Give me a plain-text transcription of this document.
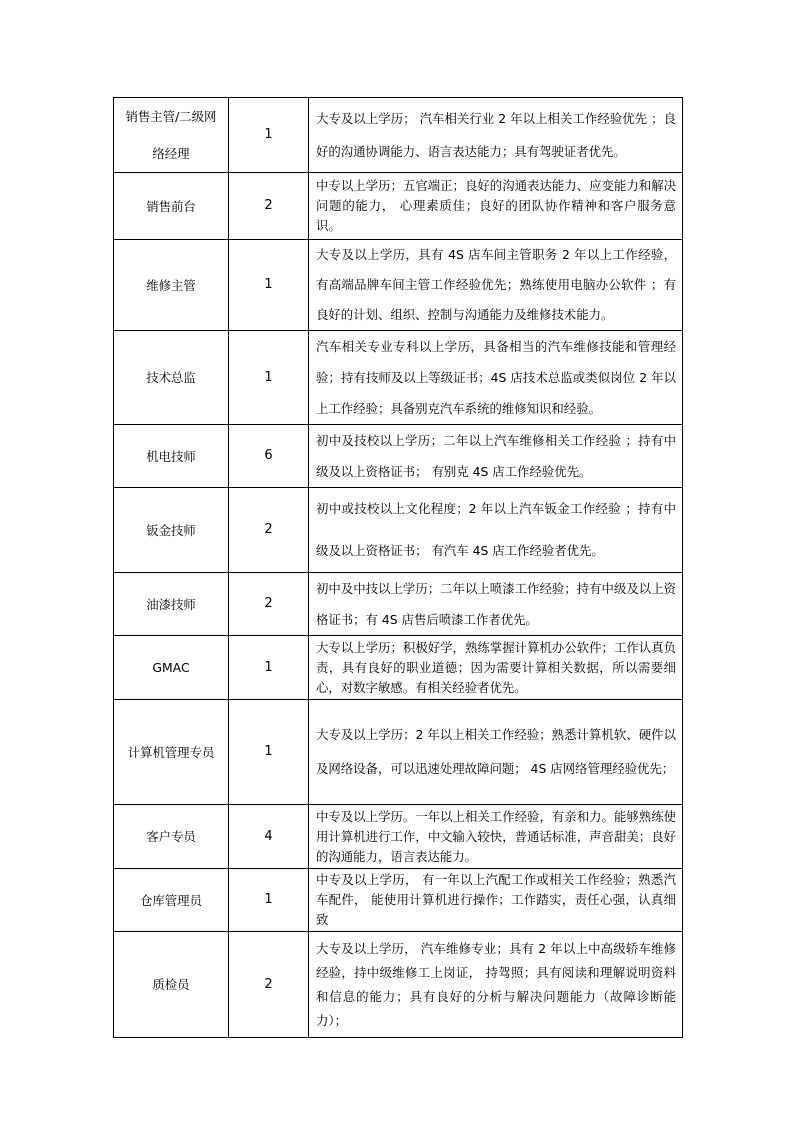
销售主管/二级网络经理	1	大专及以上学历； 汽车相关行业 2 年以上相关工作经验优先 ；良好的沟通协调能力、语言表达能力；具有驾驶证者优先。
销售前台	2	中专以上学历；五官端正；良好的沟通表达能力、应变能力和解决问题的能力， 心理素质佳；良好的团队协作精神和客户服务意识。
维修主管	1	大专及以上学历，具有 4S 店车间主管职务 2 年以上工作经验，有高端品牌车间主管工作经验优先；熟练使用电脑办公软件 ；有良好的计划、组织、控制与沟通能力及维修技术能力。
技术总监	1	汽车相关专业专科以上学历，具备相当的汽车维修技能和管理经验；持有技师及以上等级证书；4S 店技术总监或类似岗位 2 年以上工作经验；具备别克汽车系统的维修知识和经验。
机电技师	6	初中及技校以上学历；二年以上汽车维修相关工作经验 ；持有中级及以上资格证书； 有别克 4S 店工作经验优先。
钣金技师	2	初中或技校以上文化程度；2 年以上汽车钣金工作经验 ；持有中级及以上资格证书； 有汽车 4S 店工作经验者优先。
油漆技师	2	初中及中技以上学历；二年以上喷漆工作经验；持有中级及以上资格证书；有 4S 店售后喷漆工作者优先。
GMAC	1	大专以上学历；积极好学，熟练掌握计算机办公软件；工作认真负责，具有良好的职业道德；因为需要计算相关数据，所以需要细心，对数字敏感。有相关经验者优先。
计算机管理专员	1	大专及以上学历；2 年以上相关工作经验；熟悉计算机软、硬件以及网络设备，可以迅速处理故障问题； 4S 店网络管理经验优先；
客户专员	4	中专及以上学历。一年以上相关工作经验，有亲和力。能够熟练使用计算机进行工作，中文输入较快，普通话标准，声音甜美；良好的沟通能力，语言表达能力。
仓库管理员	1	中专及以上学历， 有一年以上汽配工作或相关工作经验；熟悉汽车配件， 能使用计算机进行操作；工作踏实，责任心强，认真细致
质检员	2	大专及以上学历， 汽车维修专业；具有 2 年以上中高级轿车维修经验，持中级维修工上岗证， 持驾照；具有阅读和理解说明资料和信息的能力；具有良好的分析与解决问题能力（故障诊断能力）；
